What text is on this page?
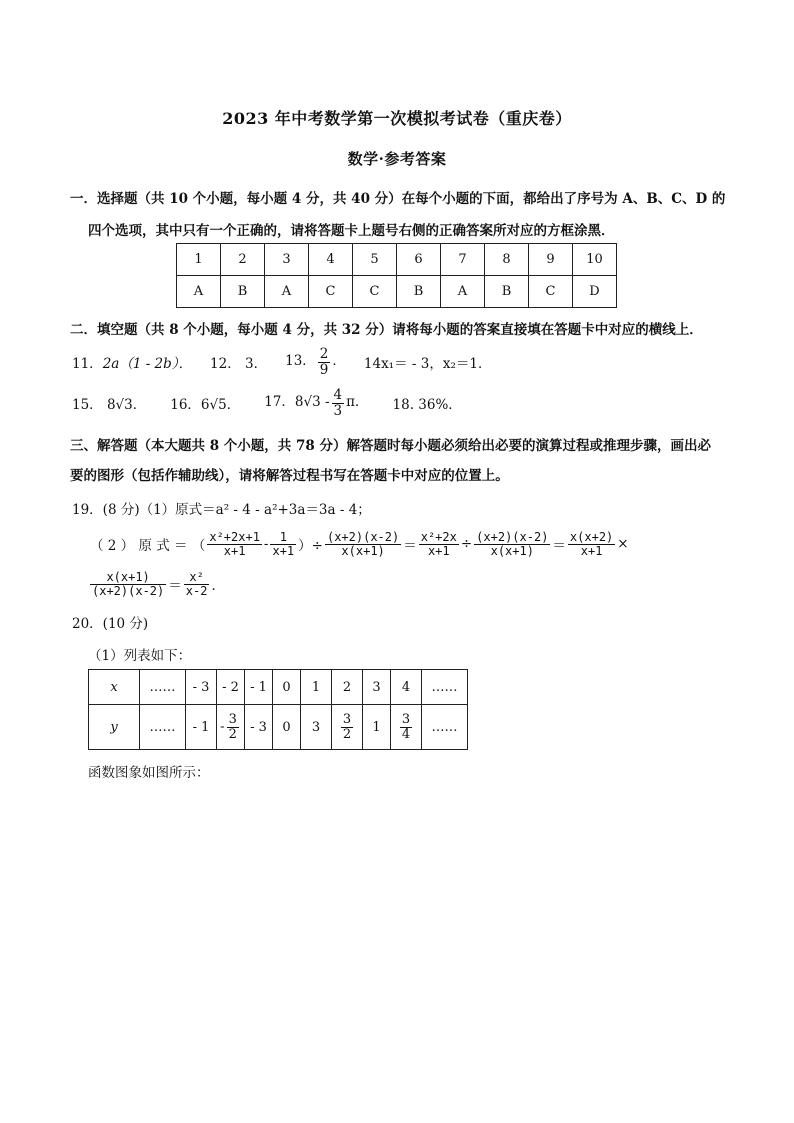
2023 年中考数学第一次模拟考试卷（重庆卷）
数学·参考答案
一．选择题（共 10 个小题，每小题 4 分，共 40 分）在每个小题的下面，都给出了序号为 A、B、C、D 的
四个选项，其中只有一个正确的，请将答题卡上题号右侧的正确答案所对应的方框涂黑．
1	2	3	4	5	6	7	8	9	10
A	B	A	C	C	B	A	B	C	D
二．填空题（共 8 个小题，每小题 4 分，共 32 分）请将每小题的答案直接填在答题卡中对应的横线上．
11．2a（1 - 2b）． 12． 3． 13． $\frac{2}{9}$ ． 14x₁＝ - 3，x₂＝1．
15． 8√3． 16．6√5． 17．$8√3 - \frac{4}{3}$ π． 18. 36%．
三、解答题（本大题共 8 个小题，共 78 分）解答题时每小题必须给出必要的演算过程或推理步骤，画出必
要的图形（包括作辅助线），请将解答过程书写在答题卡中对应的位置上。
19．(8 分)（1）原式＝a² - 4 - a²+3a＝3a - 4；
（ 2 ） 原 式 ＝ （ $\frac{\text{x²+2x+1}}{x+1} - \frac{1}{x+1}$ ）÷ $\frac{(x+2)(x-2)}{x(x+1)} = \frac{\text{x²+2x}}{x+1} \div \frac{(x+2)(x-2)}{x(x+1)} = \frac{x(x+2)}{x+1}$ ×
$\frac{x(x+1)}{(x+2)(x-2)} = \frac{\text{x²}}{x-2}$ ．
20．(10 分)
（1）列表如下：
x	……	- 3	- 2	- 1	0	1	2	3	4	……
y	……	- 1	- $\frac{3}{2}$	- 3	0	3	$\frac{3}{2}$	1	$\frac{3}{4}$	……
函数图象如图所示：
